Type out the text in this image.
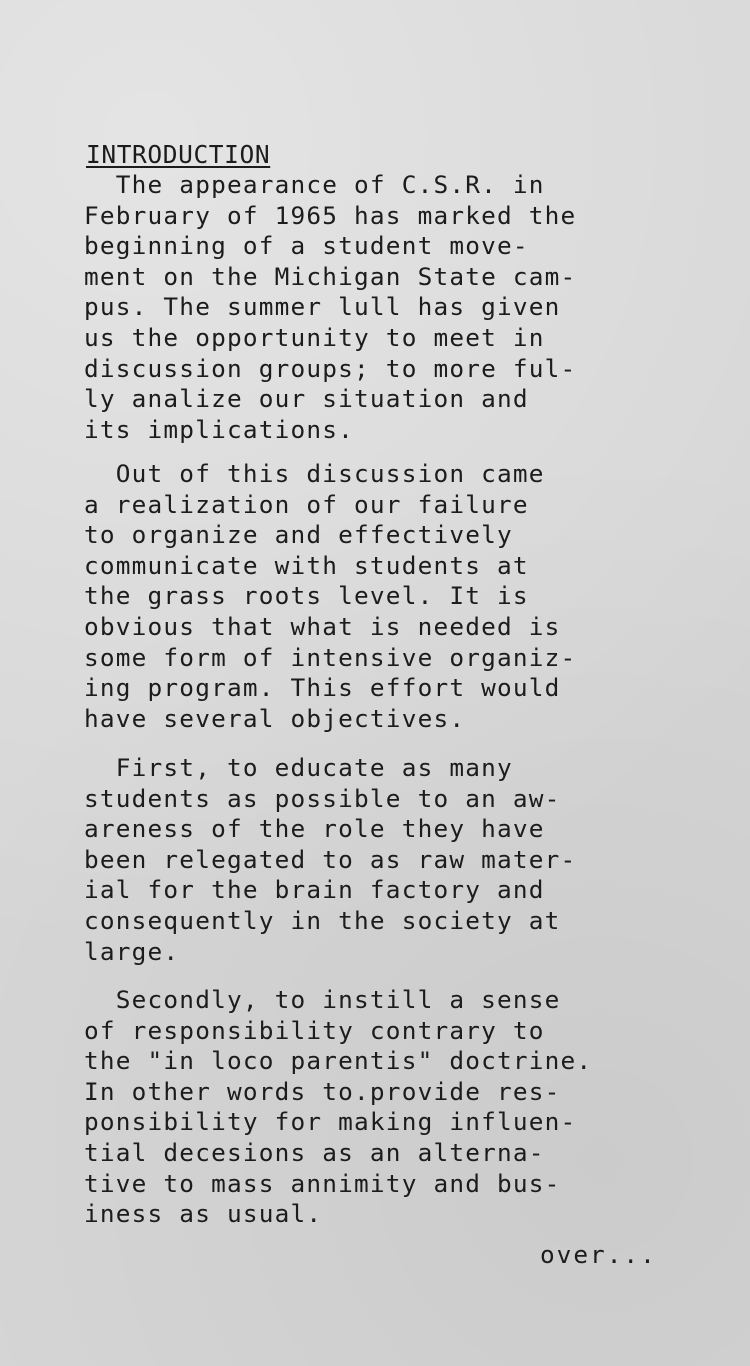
INTRODUCTION
The appearance of C.S.R. in
February of 1965 has marked the
beginning of a student move-
ment on the Michigan State cam-
pus. The summer lull has given
us the opportunity to meet in
discussion groups; to more ful-
ly analize our situation and
its implications.
Out of this discussion came
a realization of our failure
to organize and effectively
communicate with students at
the grass roots level. It is
obvious that what is needed is
some form of intensive organiz-
ing program. This effort would
have several objectives.
First, to educate as many
students as possible to an aw-
areness of the role they have
been relegated to as raw mater-
ial for the brain factory and
consequently in the society at
large.
Secondly, to instill a sense
of responsibility contrary to
the "in loco parentis" doctrine.
In other words to.provide res-
ponsibility for making influen-
tial decesions as an alterna-
tive to mass annimity and bus-
iness as usual.
over...
